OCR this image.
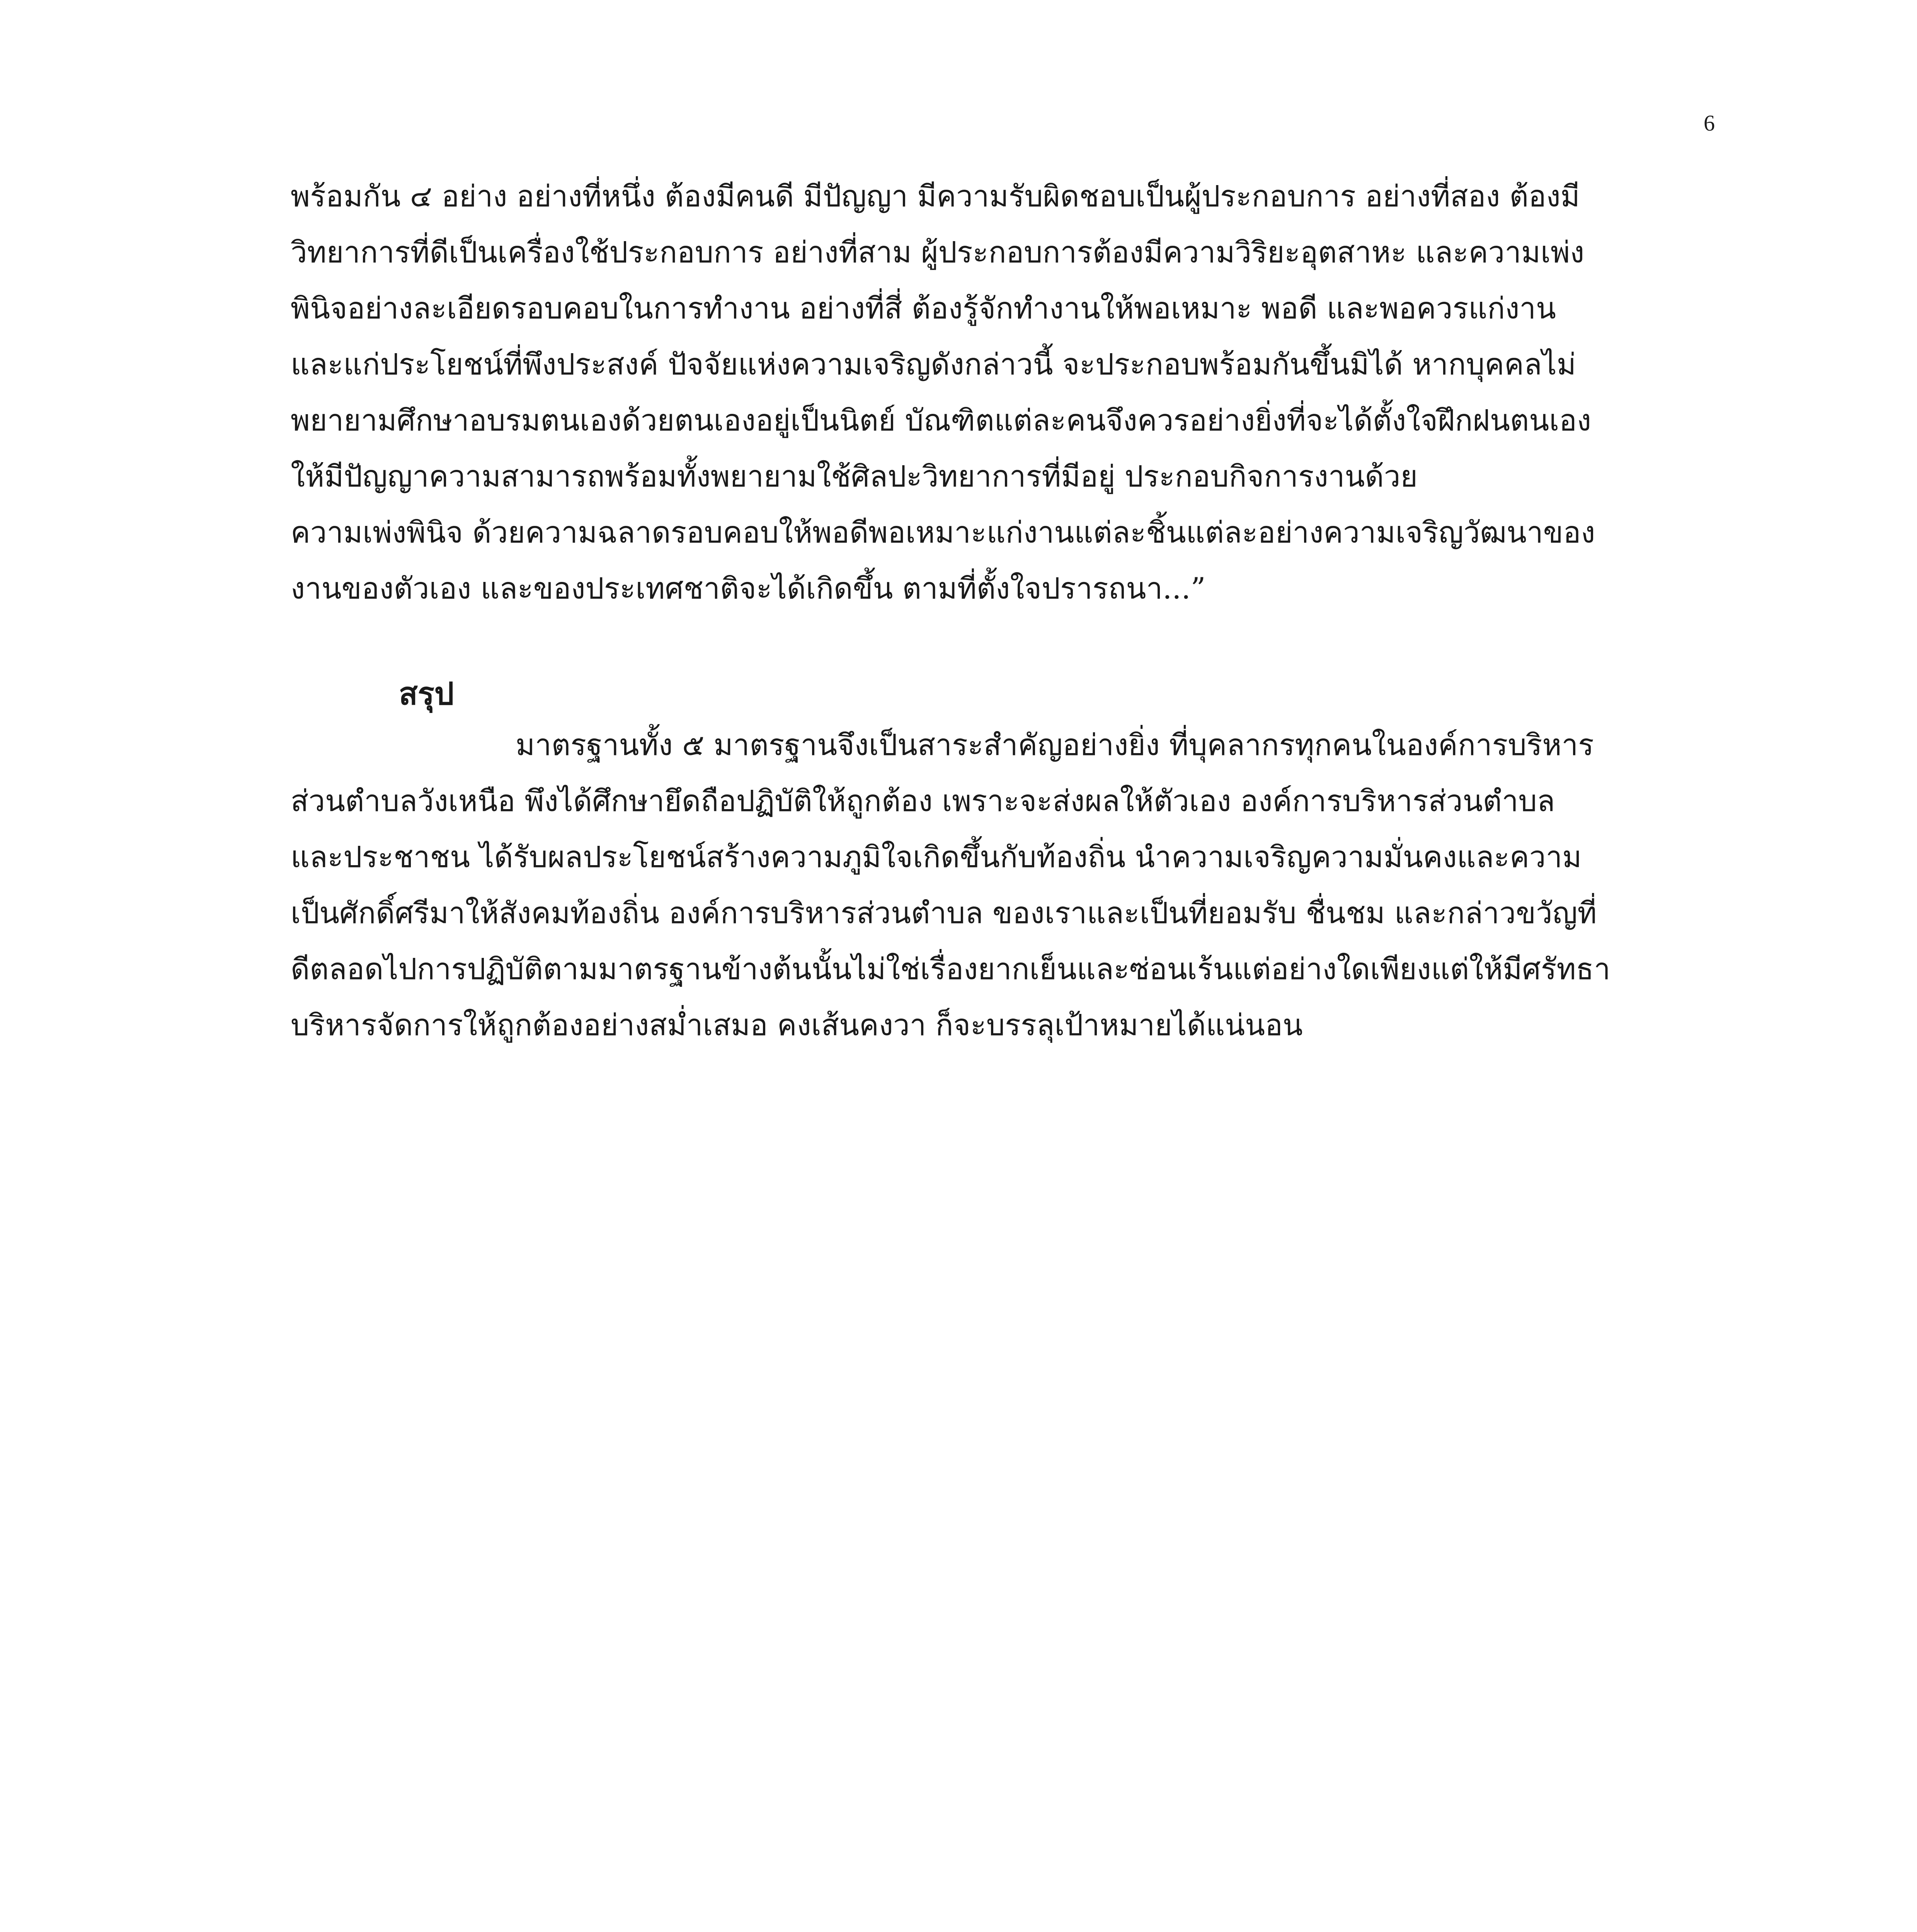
6
พร้อมกัน ๔ อย่าง อย่างที่หนึ่ง ต้องมีคนดี มีปัญญา มีความรับผิดชอบเป็นผู้ประกอบการ อย่างที่สอง ต้องมี
วิทยาการที่ดีเป็นเครื่องใช้ประกอบการ อย่างที่สาม ผู้ประกอบการต้องมีความวิริยะอุตสาหะ และความเพ่ง
พินิจอย่างละเอียดรอบคอบในการทำงาน อย่างที่สี่ ต้องรู้จักทำงานให้พอเหมาะ พอดี และพอควรแก่งาน
และแก่ประโยชน์ที่พึงประสงค์ ปัจจัยแห่งความเจริญดังกล่าวนี้ จะประกอบพร้อมกันขึ้นมิได้ หากบุคคลไม่
พยายามศึกษาอบรมตนเองด้วยตนเองอยู่เป็นนิตย์ บัณฑิตแต่ละคนจึงควรอย่างยิ่งที่จะได้ตั้งใจฝึกฝนตนเอง
ให้มีปัญญาความสามารถพร้อมทั้งพยายามใช้ศิลปะวิทยาการที่มีอยู่ ประกอบกิจการงานด้วย
ความเพ่งพินิจ ด้วยความฉลาดรอบคอบให้พอดีพอเหมาะแก่งานแต่ละชิ้นแต่ละอย่างความเจริญวัฒนาของ
งานของตัวเอง และของประเทศชาติจะได้เกิดขึ้น ตามที่ตั้งใจปรารถนา...”
สรุป
มาตรฐานทั้ง ๕ มาตรฐานจึงเป็นสาระสำคัญอย่างยิ่ง ที่บุคลากรทุกคนในองค์การบริหาร
ส่วนตำบลวังเหนือ พึงได้ศึกษายึดถือปฏิบัติให้ถูกต้อง เพราะจะส่งผลให้ตัวเอง องค์การบริหารส่วนตำบล
และประชาชน ได้รับผลประโยชน์สร้างความภูมิใจเกิดขึ้นกับท้องถิ่น นำความเจริญความมั่นคงและความ
เป็นศักดิ์ศรีมาให้สังคมท้องถิ่น องค์การบริหารส่วนตำบล ของเราและเป็นที่ยอมรับ ชื่นชม และกล่าวขวัญที่
ดีตลอดไปการปฏิบัติตามมาตรฐานข้างต้นนั้นไม่ใช่เรื่องยากเย็นและซ่อนเร้นแต่อย่างใดเพียงแต่ให้มีศรัทธา
บริหารจัดการให้ถูกต้องอย่างสม่ำเสมอ คงเส้นคงวา ก็จะบรรลุเป้าหมายได้แน่นอน
